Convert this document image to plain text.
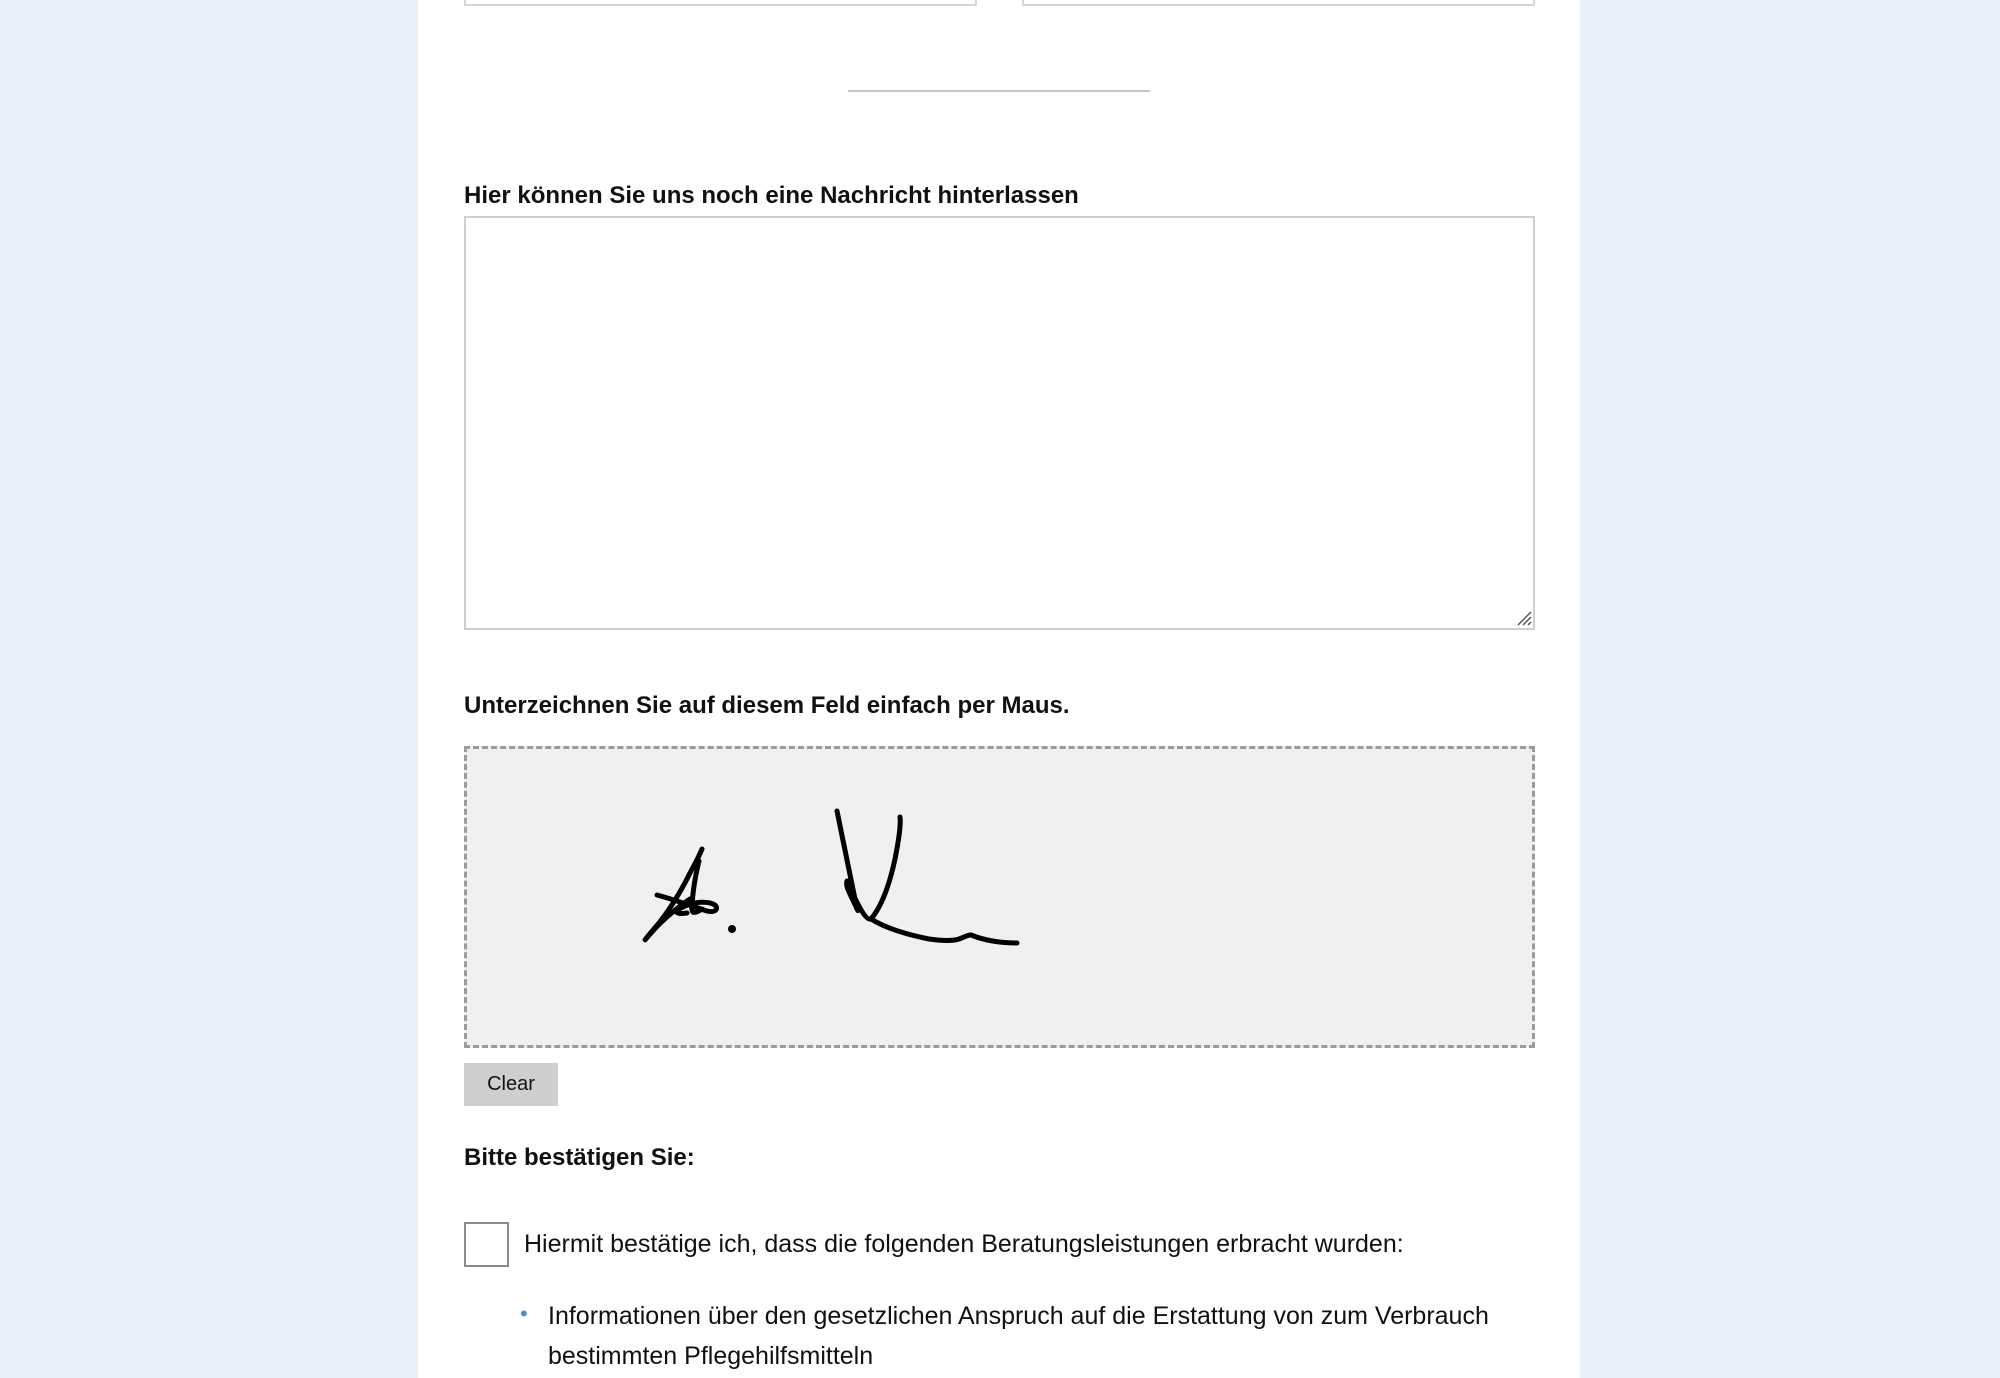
Hier können Sie uns noch eine Nachricht hinterlassen
Unterzeichnen Sie auf diesem Feld einfach per Maus.
Clear
Bitte bestätigen Sie:
Hiermit bestätige ich, dass die folgenden Beratungsleistungen erbracht wurden:
• Informationen über den gesetzlichen Anspruch auf die Erstattung von zum Verbrauch bestimmten Pflegehilfsmitteln
